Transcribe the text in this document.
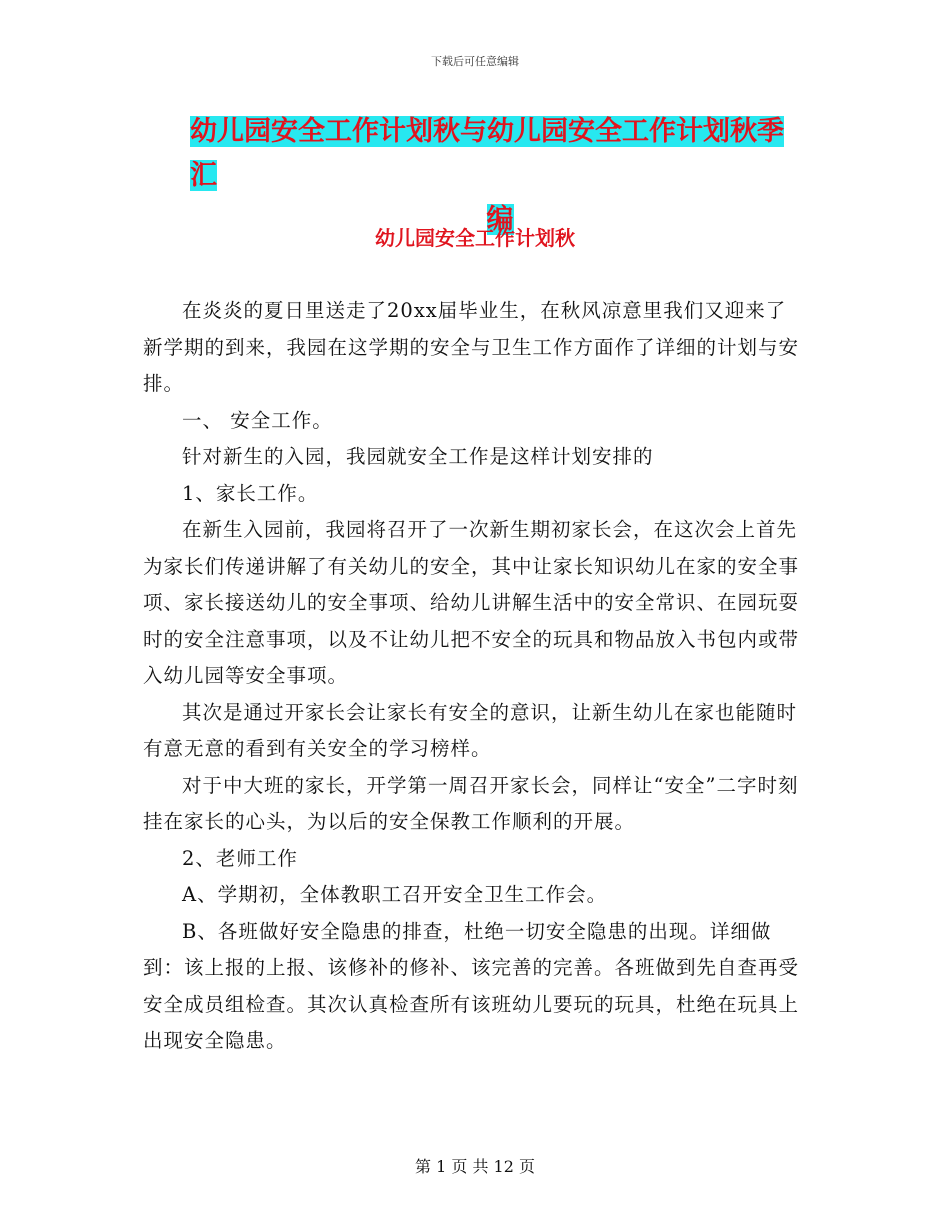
下载后可任意编辑
幼儿园安全工作计划秋与幼儿园安全工作计划秋季汇
编
幼儿园安全工作计划秋

在炎炎的夏日里送走了20xx届毕业生，在秋风凉意里我们又迎来了新学期的到来，我园在这学期的安全与卫生工作方面作了详细的计划与安排。

一、 安全工作。

针对新生的入园，我园就安全工作是这样计划安排的

1、家长工作。

在新生入园前，我园将召开了一次新生期初家长会，在这次会上首先为家长们传递讲解了有关幼儿的安全，其中让家长知识幼儿在家的安全事项、家长接送幼儿的安全事项、给幼儿讲解生活中的安全常识、在园玩耍时的安全注意事项，以及不让幼儿把不安全的玩具和物品放入书包内或带入幼儿园等安全事项。

其次是通过开家长会让家长有安全的意识，让新生幼儿在家也能随时有意无意的看到有关安全的学习榜样。

对于中大班的家长，开学第一周召开家长会，同样让“安全”二字时刻挂在家长的心头，为以后的安全保教工作顺利的开展。

2、老师工作

A、学期初，全体教职工召开安全卫生工作会。

B、各班做好安全隐患的排查，杜绝一切安全隐患的出现。详细做到：该上报的上报、该修补的修补、该完善的完善。各班做到先自查再受安全成员组检查。其次认真检查所有该班幼儿要玩的玩具，杜绝在玩具上出现安全隐患。

第 1 页 共 12 页
